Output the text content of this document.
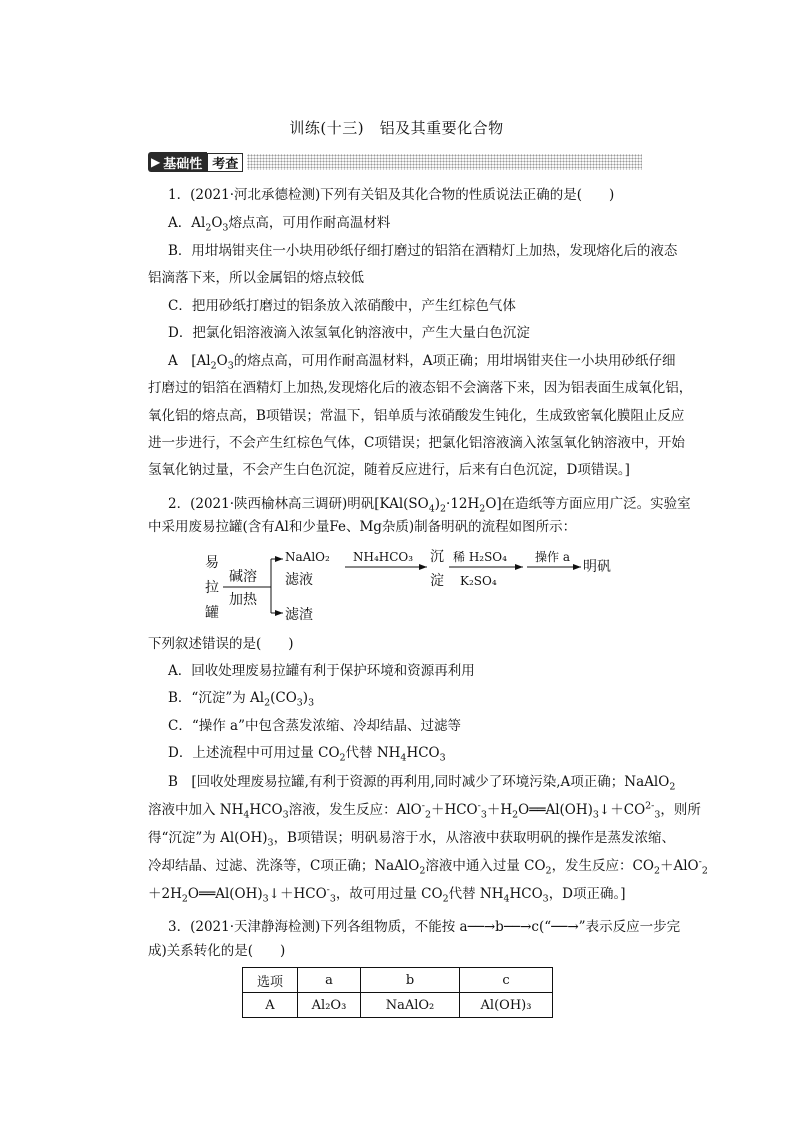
训练(十三)　铝及其重要化合物
▶ 基础性 考查
1．(2021·河北承德检测)下列有关铝及其化合物的性质说法正确的是(　　)
A．$Al_2O_3$熔点高，可用作耐高温材料
B．用坩埚钳夹住一小块用砂纸仔细打磨过的铝箔在酒精灯上加热，发现熔化后的液态
铝滴落下来，所以金属铝的熔点较低
C．把用砂纸打磨过的铝条放入浓硝酸中，产生红棕色气体
D．把氯化铝溶液滴入浓氢氧化钠溶液中，产生大量白色沉淀
A　[$Al_2O_3$的熔点高，可用作耐高温材料，A项正确；用坩埚钳夹住一小块用砂纸仔细
打磨过的铝箔在酒精灯上加热,发现熔化后的液态铝不会滴落下来，因为铝表面生成氧化铝，
氧化铝的熔点高，B项错误；常温下，铝单质与浓硝酸发生钝化，生成致密氧化膜阻止反应
进一步进行，不会产生红棕色气体，C项错误；把氯化铝溶液滴入浓氢氧化钠溶液中，开始
氢氧化钠过量，不会产生白色沉淀，随着反应进行，后来有白色沉淀，D项错误。]
2．(2021·陕西榆林高三调研)明矾$[KAl(SO_4)_2\cdot 12H_2O]$在造纸等方面应用广泛。实验室
中采用废易拉罐(含有Al和少量Fe、Mg杂质)制备明矾的流程如图所示：
易
拉
罐
碱溶
加热
NaAlO₂
滤液
滤渣
NH₄HCO₃ 沉
淀
稀 H₂SO₄
K₂SO₄
操作 a
明矾
下列叙述错误的是(　　)
A．回收处理废易拉罐有利于保护环境和资源再利用
B．“沉淀”为 $Al_2(CO_3)_3$
C．“操作 a”中包含蒸发浓缩、冷却结晶、过滤等
D．上述流程中可用过量 $CO_2$代替 $NH_4HCO_3$
B　[回收处理废易拉罐,有利于资源的再利用,同时减少了环境污染,A项正确；NaAlO$_2$
溶液中加入 $NH_4HCO_3$溶液，发生反应：$AlO^-_2+HCO^-_3+H_2O══Al(OH)_3↓+CO^{2-}_3$，则所
得“沉淀”为 $Al(OH)_3$，B项错误；明矾易溶于水，从溶液中获取明矾的操作是蒸发浓缩、
冷却结晶、过滤、洗涤等，C项正确；NaAlO$_2$溶液中通入过量 $CO_2$，发生反应：$CO_2+AlO^-_2$
$+2H_2O══Al(OH)_3↓+HCO^-_3$，故可用过量 $CO_2$代替 $NH_4HCO_3$，D项正确。]
3．(2021·天津静海检测)下列各组物质，不能按 a──→b──→c(“──→”表示反应一步完
成)关系转化的是(　　)
选项	a	b	c
A	Al₂O₃	NaAlO₂	Al(OH)₃
